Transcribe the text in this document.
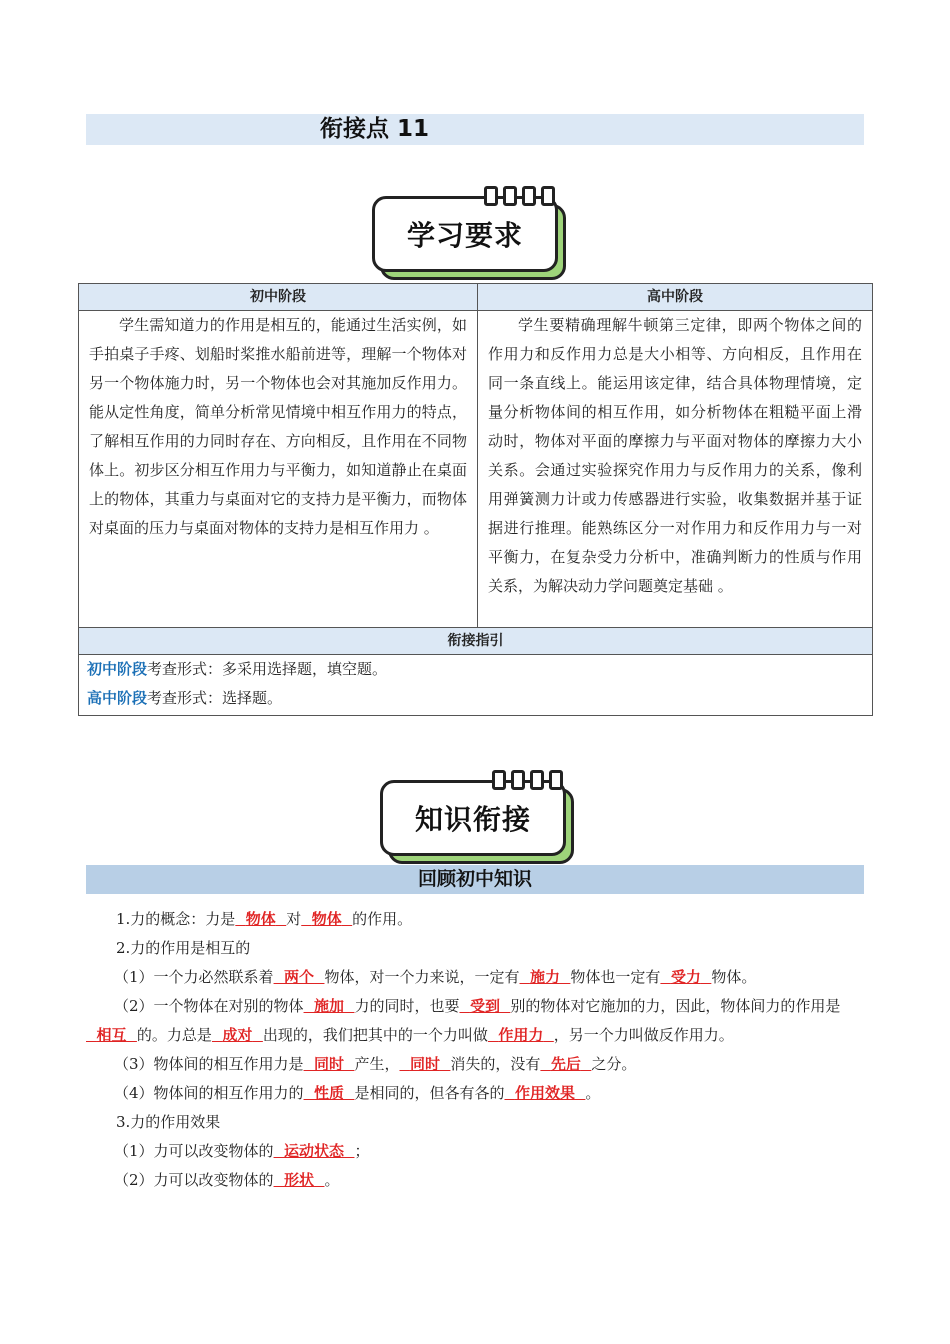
衔接点 11
学习要求
初中阶段	高中阶段

学生需知道力的作用是相互的，能通过生活实例，如手拍桌子手疼、划船时桨推水船前进等，理解一个物体对另一个物体施力时，另一个物体也会对其施加反作用力。能从定性角度，简单分析常见情境中相互作用力的特点，了解相互作用的力同时存在、方向相反，且作用在不同物体上。初步区分相互作用力与平衡力，如知道静止在桌面上的物体，其重力与桌面对它的支持力是平衡力，而物体对桌面的压力与桌面对物体的支持力是相互作用力 。	学生要精确理解牛顿第三定律，即两个物体之间的作用力和反作用力总是大小相等、方向相反，且作用在同一条直线上。能运用该定律，结合具体物理情境，定量分析物体间的相互作用，如分析物体在粗糙平面上滑动时，物体对平面的摩擦力与平面对物体的摩擦力大小关系。会通过实验探究作用力与反作用力的关系，像利用弹簧测力计或力传感器进行实验，收集数据并基于证据进行推理。能熟练区分一对作用力和反作用力与一对平衡力，在复杂受力分析中，准确判断力的性质与作用关系，为解决动力学问题奠定基础 。

衔接指引	

初中阶段考查形式：多采用选择题，填空题。
高中阶段考查形式：选择题。	
知识衔接
回顾初中知识

1.力的概念：力是 物体 对 物体 的作用。

2.力的作用是相互的

（1）一个力必然联系着 两个 物体，对一个力来说，一定有 施力 物体也一定有 受力 物体。

（2）一个物体在对别的物体 施加 力的同时，也要 受到 别的物体对它施加的力，因此，物体间力的作用是  相互 的。力总是 成对 出现的，我们把其中的一个力叫做 作用力 ，另一个力叫做反作用力。

（3）物体间的相互作用力是 同时 产生， 同时 消失的，没有 先后 之分。

（4）物体间的相互作用力的 性质 是相同的，但各有各的 作用效果 。

3.力的作用效果

（1）力可以改变物体的 运动状态 ；

（2）力可以改变物体的 形状 。
